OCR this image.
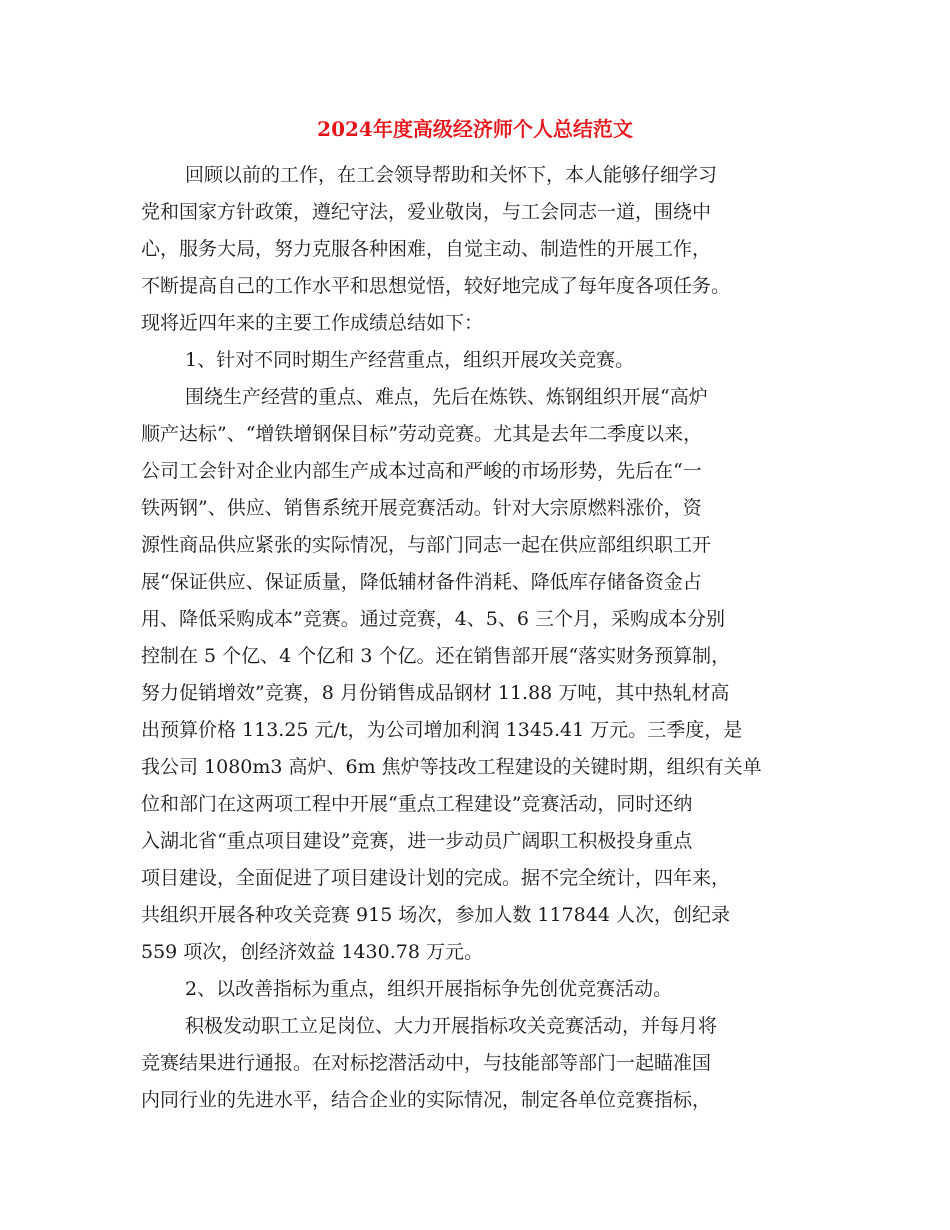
2024年度高级经济师个人总结范文
回顾以前的工作，在工会领导帮助和关怀下，本人能够仔细学习
党和国家方针政策，遵纪守法，爱业敬岗，与工会同志一道，围绕中
心，服务大局，努力克服各种困难，自觉主动、制造性的开展工作，
不断提高自己的工作水平和思想觉悟，较好地完成了每年度各项任务。
现将近四年来的主要工作成绩总结如下：
1、针对不同时期生产经营重点，组织开展攻关竞赛。
围绕生产经营的重点、难点，先后在炼铁、炼钢组织开展“高炉
顺产达标”、“增铁增钢保目标”劳动竞赛。尤其是去年二季度以来，
公司工会针对企业内部生产成本过高和严峻的市场形势，先后在“一
铁两钢”、供应、销售系统开展竞赛活动。针对大宗原燃料涨价，资
源性商品供应紧张的实际情况，与部门同志一起在供应部组织职工开
展“保证供应、保证质量，降低辅材备件消耗、降低库存储备资金占
用、降低采购成本”竞赛。通过竞赛，4、5、6 三个月，采购成本分别
控制在 5 个亿、4 个亿和 3 个亿。还在销售部开展“落实财务预算制，
努力促销增效”竞赛，8 月份销售成品钢材 11.88 万吨，其中热轧材高
出预算价格 113.25 元/t，为公司增加利润 1345.41 万元。三季度，是
我公司 1080m3 高炉、6m 焦炉等技改工程建设的关键时期，组织有关单
位和部门在这两项工程中开展“重点工程建设”竞赛活动，同时还纳
入湖北省“重点项目建设”竞赛，进一步动员广阔职工积极投身重点
项目建设，全面促进了项目建设计划的完成。据不完全统计，四年来，
共组织开展各种攻关竞赛 915 场次，参加人数 117844 人次，创纪录
559 项次，创经济效益 1430.78 万元。
2、以改善指标为重点，组织开展指标争先创优竞赛活动。
积极发动职工立足岗位、大力开展指标攻关竞赛活动，并每月将
竞赛结果进行通报。在对标挖潜活动中，与技能部等部门一起瞄准国
内同行业的先进水平，结合企业的实际情况，制定各单位竞赛指标，
